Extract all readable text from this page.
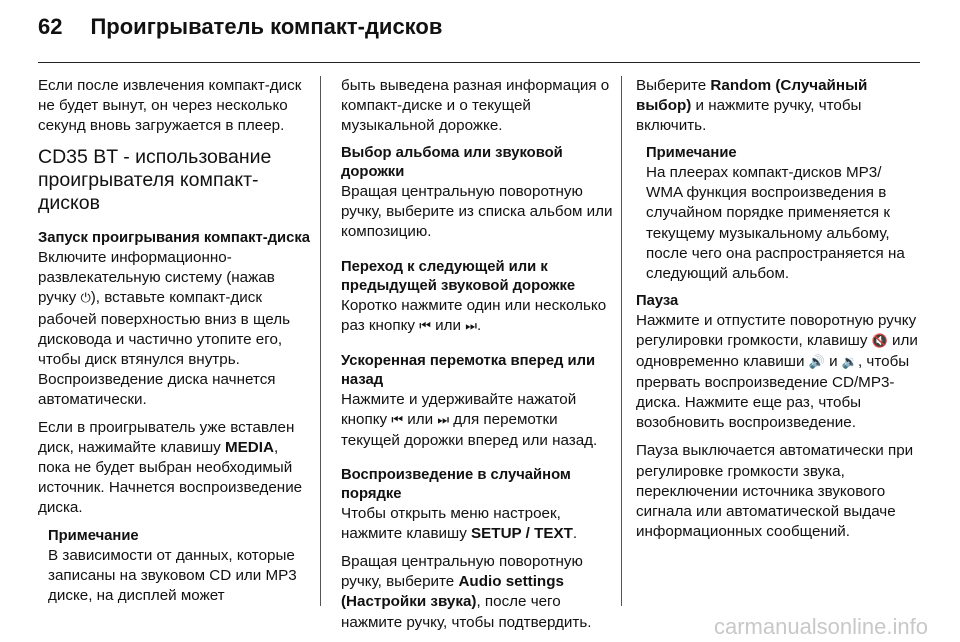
62 Проигрыватель компакт-дисков

Если после извлечения компакт-диск не будет вынут, он через несколько секунд вновь загружается в плеер.

CD35 BT - использование проигрывателя компакт-дисков
Запуск проигрывания компакт-диска

Включите информационно-развлекательную систему (нажав ручку ⏻), вставьте компакт-диск рабочей поверхностью вниз в щель дисковода и частично утопите его, чтобы диск втянулся внутрь. Воспроизведение диска начнется автоматически.

Если в проигрыватель уже вставлен диск, нажимайте клавишу MEDIA, пока не будет выбран необходимый источник. Начнется воспроизведение диска.

Примечание
В зависимости от данных, которые записаны на звуковом CD или MP3 диске, на дисплей может

быть выведена разная информация о компакт-диске и о текущей музыкальной дорожке.

Выбор альбома или звуковой дорожки

Вращая центральную поворотную ручку, выберите из списка альбом или композицию.

Переход к следующей или к предыдущей звуковой дорожке

Коротко нажмите один или несколько раз кнопку ⏮ или ⏭.

Ускоренная перемотка вперед или назад

Нажмите и удерживайте нажатой кнопку ⏮ или ⏭ для перемотки текущей дорожки вперед или назад.

Воспроизведение в случайном порядке

Чтобы открыть меню настроек, нажмите клавишу SETUP / TEXT.

Вращая центральную поворотную ручку, выберите Audio settings (Настройки звука), после чего нажмите ручку, чтобы подтвердить.

Выберите Random (Случайный выбор) и нажмите ручку, чтобы включить.

Примечание
На плеерах компакт-дисков MP3/ WMA функция воспроизведения в случайном порядке применяется к текущему музыкальному альбому, после чего она распространяется на следующий альбом.
Пауза

Нажмите и отпустите поворотную ручку регулировки громкости, клавишу 🔇 или одновременно клавиши 🔊 и 🔉, чтобы прервать воспроизведение CD/MP3-диска. Нажмите еще раз, чтобы возобновить воспроизведение.

Пауза выключается автоматически при регулировке громкости звука, переключении источника звукового сигнала или автоматической выдаче информационных сообщений.

carmanualsonline.info
